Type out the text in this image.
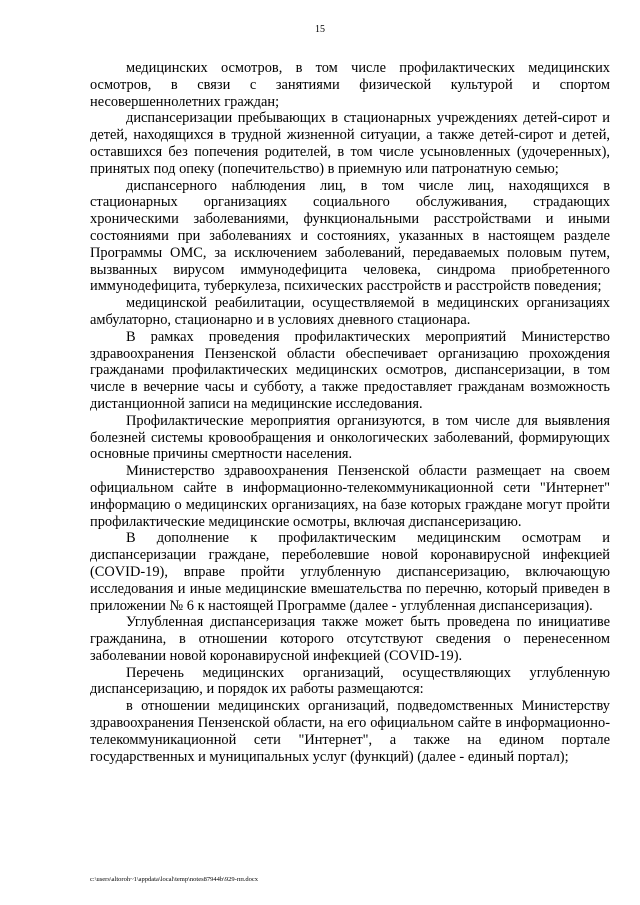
15

медицинских осмотров, в том числе профилактических медицинских осмотров, в связи с занятиями физической культурой и спортом несовершеннолетних граждан;

диспансеризации пребывающих в стационарных учреждениях детей-сирот и детей, находящихся в трудной жизненной ситуации, а также детей-сирот и детей, оставшихся без попечения родителей, в том числе усыновленных (удочеренных), принятых под опеку (попечительство) в приемную или патронатную семью;

диспансерного наблюдения лиц, в том числе лиц, находящихся в стационарных организациях социального обслуживания, страдающих хроническими заболеваниями, функциональными расстройствами и иными состояниями при заболеваниях и состояниях, указанных в настоящем разделе Программы ОМС, за исключением заболеваний, передаваемых половым путем, вызванных вирусом иммунодефицита человека, синдрома приобретенного иммунодефицита, туберкулеза, психических расстройств и расстройств поведения;

медицинской реабилитации, осуществляемой в медицинских организациях амбулаторно, стационарно и в условиях дневного стационара.

В рамках проведения профилактических мероприятий Министерство здравоохранения Пензенской области обеспечивает организацию прохождения гражданами профилактических медицинских осмотров, диспансеризации, в том числе в вечерние часы и субботу, а также предоставляет гражданам возможность дистанционной записи на медицинские исследования.

Профилактические мероприятия организуются, в том числе для выявления болезней системы кровообращения и онкологических заболеваний, формирующих основные причины смертности населения.

Министерство здравоохранения Пензенской области размещает на своем официальном сайте в информационно-телекоммуникационной сети "Интернет" информацию о медицинских организациях, на базе которых граждане могут пройти профилактические медицинские осмотры, включая диспансеризацию.

В дополнение к профилактическим медицинским осмотрам и диспансеризации граждане, переболевшие новой коронавирусной инфекцией (COVID-19), вправе пройти углубленную диспансеризацию, включающую исследования и иные медицинские вмешательства по перечню, который приведен в приложении № 6 к настоящей Программе (далее - углубленная диспансеризация).

Углубленная диспансеризация также может быть проведена по инициативе гражданина, в отношении которого отсутствуют сведения о перенесенном заболевании новой коронавирусной инфекцией (COVID-19).

Перечень медицинских организаций, осуществляющих углубленную диспансеризацию, и порядок их работы размещаются:

в отношении медицинских организаций, подведомственных Министерству здравоохранения Пензенской области, на его официальном сайте в информационно-телекоммуникационной сети "Интернет", а также на едином портале государственных и муниципальных услуг (функций) (далее - единый портал);

c:\users\altoroh~1\appdata\local\temp\notes87944b\929-пп.docx
